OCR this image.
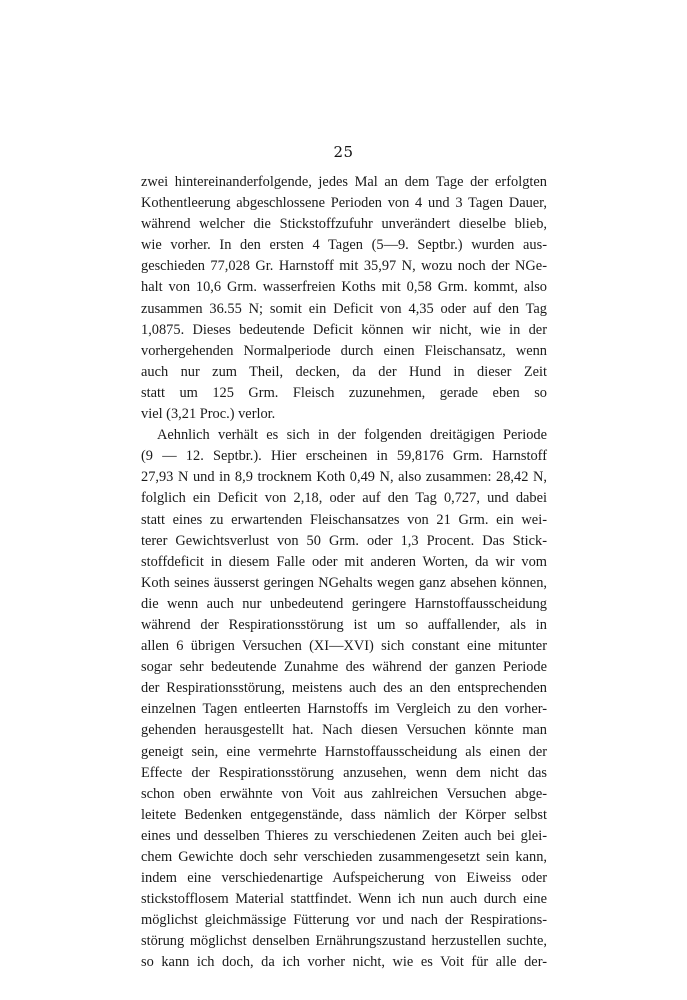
25
zwei hintereinanderfolgende, jedes Mal an dem Tage der erfolgten
Kothentleerung abgeschlossene Perioden von 4 und 3 Tagen Dauer,
während welcher die Stickstoffzufuhr unverändert dieselbe blieb,
wie vorher. In den ersten 4 Tagen (5—9. Septbr.) wurden aus-
geschieden 77,028 Gr. Harnstoff mit 35,97 N, wozu noch der NGe-
halt von 10,6 Grm. wasserfreien Koths mit 0,58 Grm. kommt, also
zusammen 36.55 N; somit ein Deficit von 4,35 oder auf den Tag
1,0875. Dieses bedeutende Deficit können wir nicht, wie in der
vorhergehenden Normalperiode durch einen Fleischansatz, wenn
auch nur zum Theil, decken, da der Hund in dieser Zeit
statt um 125 Grm. Fleisch zuzunehmen, gerade eben so
viel (3,21 Proc.) verlor.
Aehnlich verhält es sich in der folgenden dreitägigen Periode
(9 — 12. Septbr.). Hier erscheinen in 59,8176 Grm. Harnstoff
27,93 N und in 8,9 trocknem Koth 0,49 N, also zusammen: 28,42 N,
folglich ein Deficit von 2,18, oder auf den Tag 0,727, und dabei
statt eines zu erwartenden Fleischansatzes von 21 Grm. ein wei-
terer Gewichtsverlust von 50 Grm. oder 1,3 Procent. Das Stick-
stoffdeficit in diesem Falle oder mit anderen Worten, da wir vom
Koth seines äusserst geringen NGehalts wegen ganz absehen können,
die wenn auch nur unbedeutend geringere Harnstoffausscheidung
während der Respirationsstörung ist um so auffallender, als in
allen 6 übrigen Versuchen (XI—XVI) sich constant eine mitunter
sogar sehr bedeutende Zunahme des während der ganzen Periode
der Respirationsstörung, meistens auch des an den entsprechenden
einzelnen Tagen entleerten Harnstoffs im Vergleich zu den vorher-
gehenden herausgestellt hat. Nach diesen Versuchen könnte man
geneigt sein, eine vermehrte Harnstoffausscheidung als einen der
Effecte der Respirationsstörung anzusehen, wenn dem nicht das
schon oben erwähnte von Voit aus zahlreichen Versuchen abge-
leitete Bedenken entgegenstände, dass nämlich der Körper selbst
eines und desselben Thieres zu verschiedenen Zeiten auch bei glei-
chem Gewichte doch sehr verschieden zusammengesetzt sein kann,
indem eine verschiedenartige Aufspeicherung von Eiweiss oder
stickstofflosem Material stattfindet. Wenn ich nun auch durch eine
möglichst gleichmässige Fütterung vor und nach der Respirations-
störung möglichst denselben Ernährungszustand herzustellen suchte,
so kann ich doch, da ich vorher nicht, wie es Voit für alle der-
